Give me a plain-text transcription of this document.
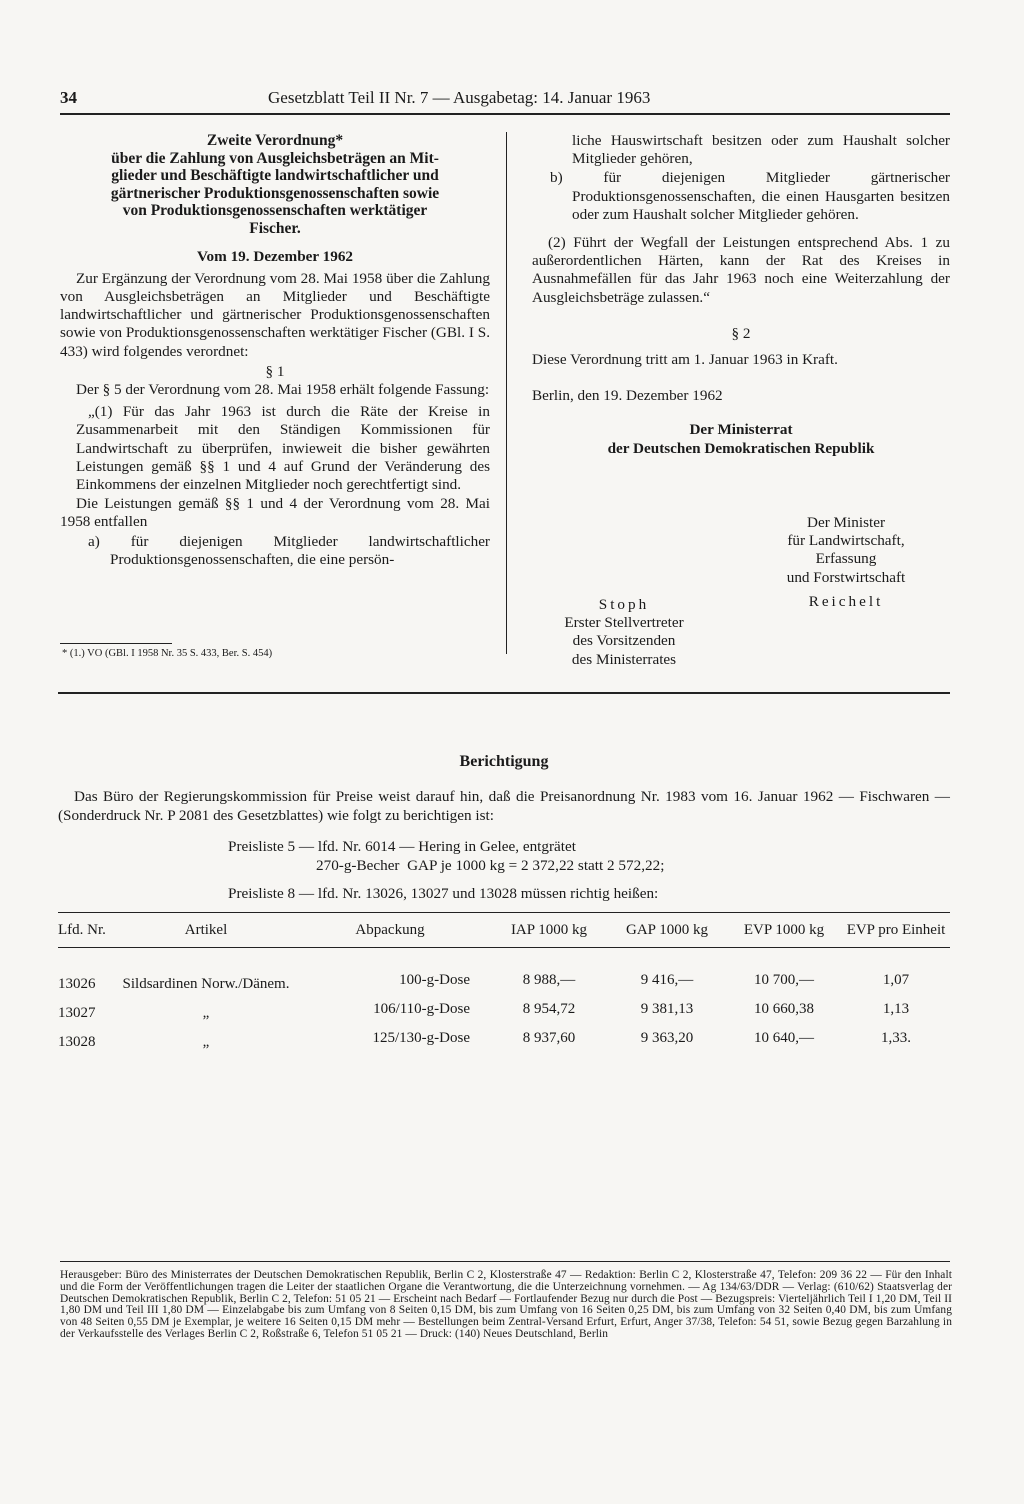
34	Gesetzblatt Teil II Nr. 7 — Ausgabetag: 14. Januar 1963
Zweite Verordnung*
über die Zahlung von Ausgleichsbeträgen an Mit-
glieder und Beschäftigte landwirtschaftlicher und
gärtnerischer Produktionsgenossenschaften sowie
von Produktionsgenossenschaften werktätiger
Fischer.

Vom 19. Dezember 1962

Zur Ergänzung der Verordnung vom 28. Mai 1958 über die Zahlung von Ausgleichsbeträgen an Mitglieder und Beschäftigte landwirtschaftlicher und gärtnerischer Produktionsgenossenschaften sowie von Produktionsgenossenschaften werktätiger Fischer (GBl. I S. 433) wird folgendes verordnet:

§ 1

Der § 5 der Verordnung vom 28. Mai 1958 erhält folgende Fassung:

„(1) Für das Jahr 1963 ist durch die Räte der Kreise in Zusammenarbeit mit den Ständigen Kommissionen für Landwirtschaft zu überprüfen, inwieweit die bisher gewährten Leistungen gemäß §§ 1 und 4 auf Grund der Veränderung des Einkommens der einzelnen Mitglieder noch gerechtfertigt sind.

Die Leistungen gemäß §§ 1 und 4 der Verordnung vom 28. Mai 1958 entfallen

a) für diejenigen Mitglieder landwirtschaftlicher Produktionsgenossenschaften, die eine persön-

* (1.) VO (GBl. I 1958 Nr. 35 S. 433, Ber. S. 454)

liche Hauswirtschaft besitzen oder zum Haushalt solcher Mitglieder gehören,

b) für diejenigen Mitglieder gärtnerischer Produktionsgenossenschaften, die einen Hausgarten besitzen oder zum Haushalt solcher Mitglieder gehören.

(2) Führt der Wegfall der Leistungen entsprechend Abs. 1 zu außerordentlichen Härten, kann der Rat des Kreises in Ausnahmefällen für das Jahr 1963 noch eine Weiterzahlung der Ausgleichsbeträge zulassen.“

§ 2

Diese Verordnung tritt am 1. Januar 1963 in Kraft.

Berlin, den 19. Dezember 1962

Der Ministerrat

der Deutschen Demokratischen Republik

Der Minister
für Landwirtschaft,
Erfassung
und Forstwirtschaft
Reichelt
Stoph
Erster Stellvertreter
des Vorsitzenden
des Ministerrates
Berichtigung
Das Büro der Regierungskommission für Preise weist darauf hin, daß die Preisanordnung Nr. 1983 vom 16. Januar 1962 — Fischwaren — (Sonderdruck Nr. P 2081 des Gesetzblattes) wie folgt zu berichtigen ist:
Preisliste 5 — lfd. Nr. 6014 — Hering in Gelee, entgrätet
270-g-Becher  GAP je 1000 kg = 2 372,22 statt 2 572,22;
Preisliste 8 — lfd. Nr. 13026, 13027 und 13028 müssen richtig heißen:
Lfd. Nr.	Artikel	Abpackung	IAP 1000 kg	GAP 1000 kg	EVP 1000 kg	EVP pro Einheit
13026	Sildsardinen Norw./Dänem.	100-g-Dose	8 988,—	9 416,—	10 700,—	1,07
13027	„	106/110-g-Dose	8 954,72	9 381,13	10 660,38	1,13
13028	„	125/130-g-Dose	8 937,60	9 363,20	10 640,—	1,33.
Herausgeber: Büro des Ministerrates der Deutschen Demokratischen Republik, Berlin C 2, Klosterstraße 47 — Redaktion: Berlin C 2, Klosterstraße 47, Telefon: 209 36 22 — Für den Inhalt und die Form der Veröffentlichungen tragen die Leiter der staatlichen Organe die Verantwortung, die die Unterzeichnung vornehmen. — Ag 134/63/DDR — Verlag: (610/62) Staatsverlag der Deutschen Demokratischen Republik, Berlin C 2, Telefon: 51 05 21 — Erscheint nach Bedarf — Fortlaufender Bezug nur durch die Post — Bezugspreis: Vierteljährlich Teil I 1,20 DM, Teil II 1,80 DM und Teil III 1,80 DM — Einzelabgabe bis zum Umfang von 8 Seiten 0,15 DM, bis zum Umfang von 16 Seiten 0,25 DM, bis zum Umfang von 32 Seiten 0,40 DM, bis zum Umfang von 48 Seiten 0,55 DM je Exemplar, je weitere 16 Seiten 0,15 DM mehr — Bestellungen beim Zentral-Versand Erfurt, Erfurt, Anger 37/38, Telefon: 54 51, sowie Bezug gegen Barzahlung in der Verkaufsstelle des Verlages Berlin C 2, Roßstraße 6, Telefon 51 05 21 — Druck: (140) Neues Deutschland, Berlin
